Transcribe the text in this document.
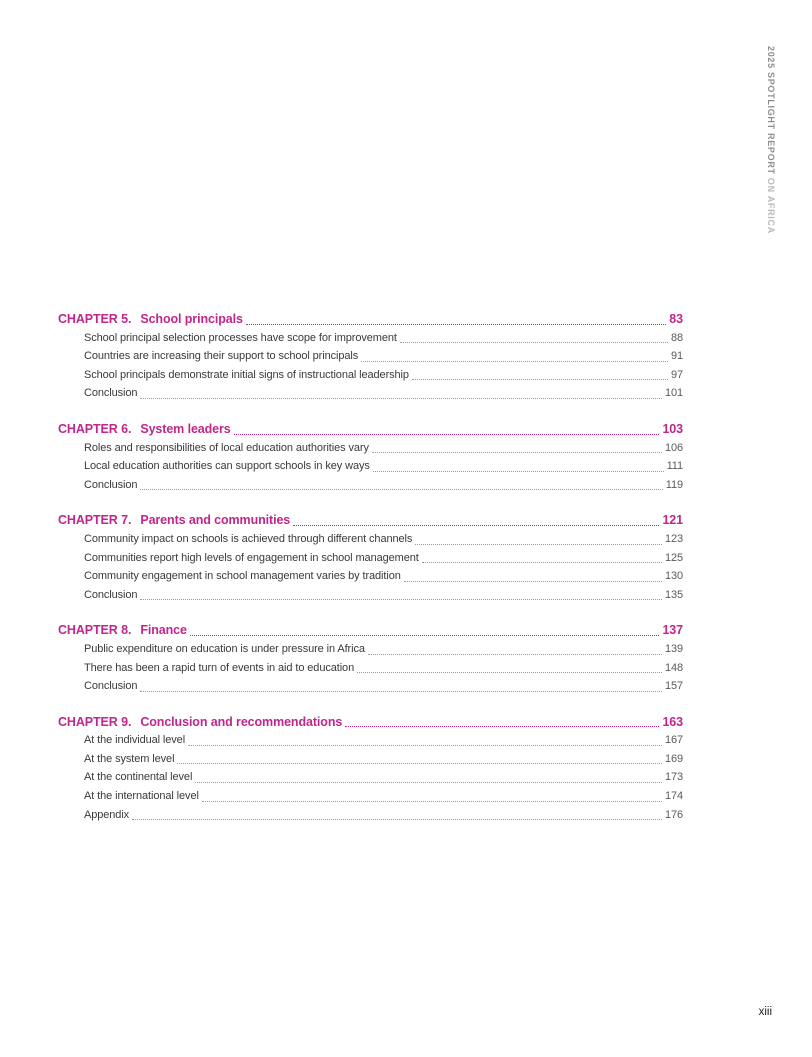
2025 SPOTLIGHT REPORT ON AFRICA
CHAPTER 5. School principals	83
School principal selection processes have scope for improvement	88
Countries are increasing their support to school principals	91
School principals demonstrate initial signs of instructional leadership	97
Conclusion	101
CHAPTER 6. System leaders	103
Roles and responsibilities of local education authorities vary	106
Local education authorities can support schools in key ways	111
Conclusion	119
CHAPTER 7. Parents and communities	121
Community impact on schools is achieved through different channels	123
Communities report high levels of engagement in school management	125
Community engagement in school management varies by tradition	130
Conclusion	135
CHAPTER 8. Finance	137
Public expenditure on education is under pressure in Africa	139
There has been a rapid turn of events in aid to education	148
Conclusion	157
CHAPTER 9. Conclusion and recommendations	163
At the individual level	167
At the system level	169
At the continental level	173
At the international level	174
Appendix	176
xiii
